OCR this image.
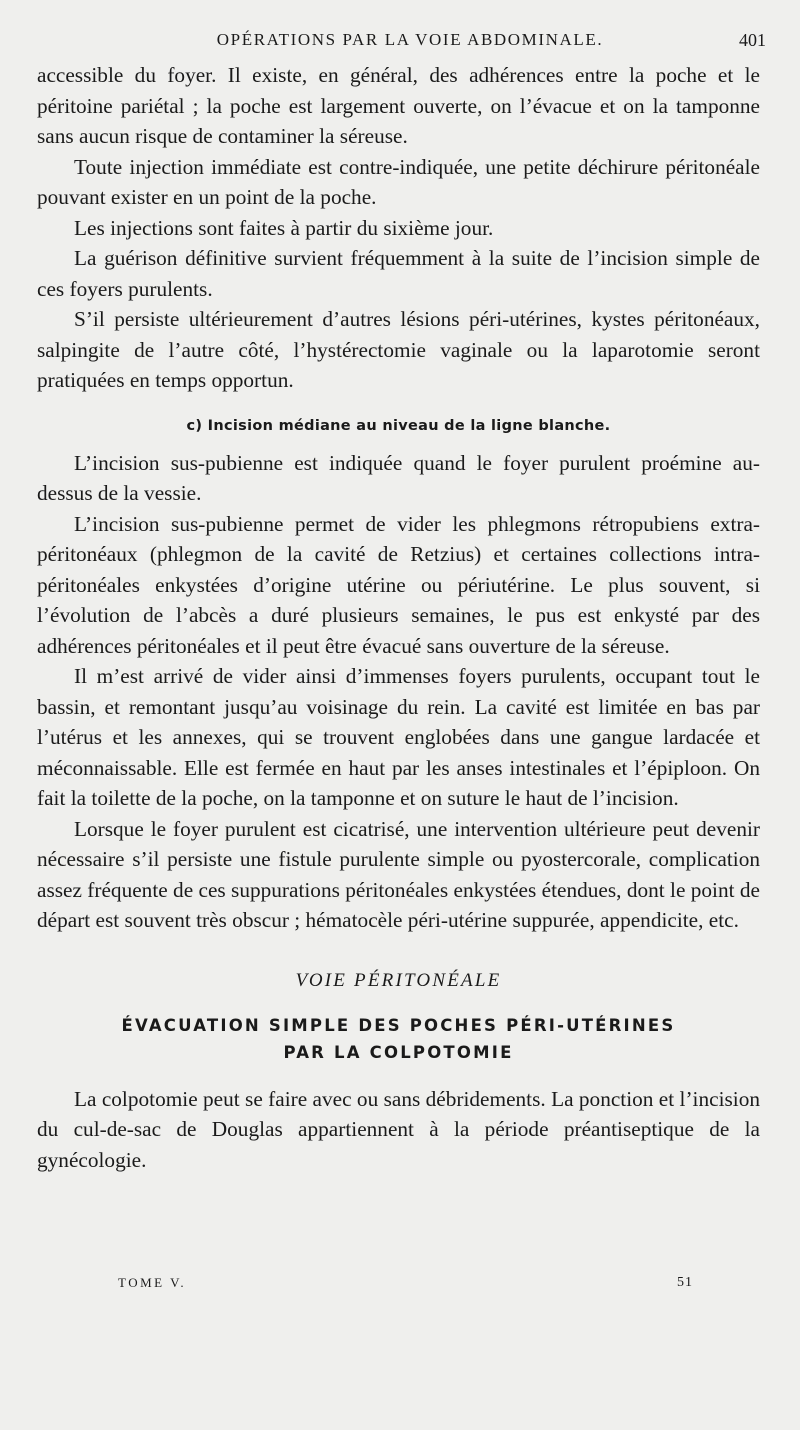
OPÉRATIONS PAR LA VOIE ABDOMINALE.	401

accessible du foyer. Il existe, en général, des adhérences entre la poche et le péritoine pariétal ; la poche est largement ouverte, on l’évacue et on la tamponne sans aucun risque de contaminer la séreuse.

Toute injection immédiate est contre-indiquée, une petite déchirure péritonéale pouvant exister en un point de la poche.

Les injections sont faites à partir du sixième jour.

La guérison définitive survient fréquemment à la suite de l’incision simple de ces foyers purulents.

S’il persiste ultérieurement d’autres lésions péri-utérines, kystes péritonéaux, salpingite de l’autre côté, l’hystérectomie vaginale ou la laparotomie seront pratiquées en temps opportun.

c) Incision médiane au niveau de la ligne blanche.

L’incision sus-pubienne est indiquée quand le foyer purulent proémine au-dessus de la vessie.

L’incision sus-pubienne permet de vider les phlegmons rétropubiens extra-péritonéaux (phlegmon de la cavité de Retzius) et certaines collections intra-péritonéales enkystées d’origine utérine ou périutérine. Le plus souvent, si l’évolution de l’abcès a duré plusieurs semaines, le pus est enkysté par des adhérences péritonéales et il peut être évacué sans ouverture de la séreuse.

Il m’est arrivé de vider ainsi d’immenses foyers purulents, occupant tout le bassin, et remontant jusqu’au voisinage du rein. La cavité est limitée en bas par l’utérus et les annexes, qui se trouvent englobées dans une gangue lardacée et méconnaissable. Elle est fermée en haut par les anses intestinales et l’épiploon. On fait la toilette de la poche, on la tamponne et on suture le haut de l’incision.

Lorsque le foyer purulent est cicatrisé, une intervention ultérieure peut devenir nécessaire s’il persiste une fistule purulente simple ou pyostercorale, complication assez fréquente de ces suppurations péritonéales enkystées étendues, dont le point de départ est souvent très obscur ; hématocèle péri-utérine suppurée, appendicite, etc.

VOIE PÉRITONÉALE
ÉVACUATION SIMPLE DES POCHES PÉRI-UTÉRINES
PAR LA COLPOTOMIE

La colpotomie peut se faire avec ou sans débridements. La ponction et l’incision du cul-de-sac de Douglas appartiennent à la période préantiseptique de la gynécologie.

TOME V.	51
